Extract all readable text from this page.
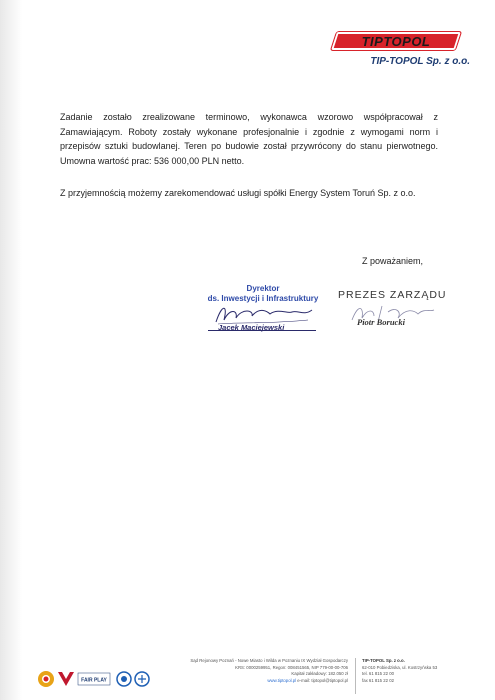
TIPTOPOL
TIP-TOPOL Sp. z o.o.
Zadanie zostało zrealizowane terminowo, wykonawca wzorowo współpracował z Zamawiającym. Roboty zostały wykonane profesjonalnie i zgodnie z wymogami norm i przepisów sztuki budowlanej. Teren po budowie został przywrócony do stanu pierwotnego. Umowna wartość prac: 536 000,00 PLN netto.
Z przyjemnością możemy zarekomendować usługi spółki Energy System Toruń Sp. z o.o.
Z poważaniem,
Dyrektor
ds. Inwestycji i Infrastruktury
Jacek Maciejewski
PREZES ZARZĄDU
Piotr Borucki
FAIR PLAY
Sąd Rejonowy Poznań - Nowe Miasto i Wilda w Poznaniu IX Wydział Gospodarczy
KRS: 0000259951, Regon: 008451565, NIP 779-00-00-706
Kapitał zakładowy: 182.050 zł
www.tiptopol.pl e-mail: tiptopol@tiptopol.pl
TIP-TOPOL Sp. z o.o.
62-010 Pobiedziska, ul. Kostrzyńska 53
tel. 61 815 22 00
fax 61 815 22 02
